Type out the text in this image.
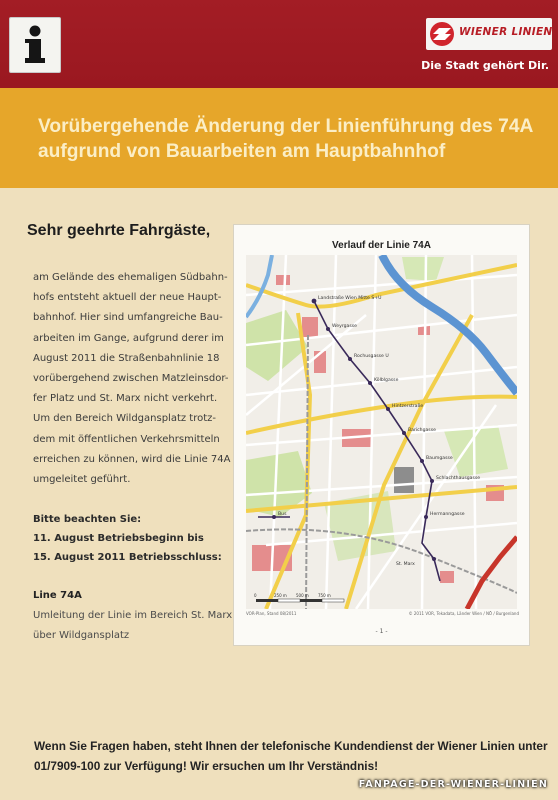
WIENER LINIEN
Die Stadt gehört Dir.
Vorübergehende Änderung der Linienführung des 74A
aufgrund von Bauarbeiten am Hauptbahnhof
Sehr geehrte Fahrgäste,

am Gelände des ehemaligen Südbahn-
hofs entsteht aktuell der neue Haupt-
bahnhof. Hier sind umfangreiche Bau-
arbeiten im Gange, aufgrund derer im
August 2011 die Straßenbahnlinie 18
vorübergehend zwischen Matzleinsdor-
fer Platz und St. Marx nicht verkehrt.
Um den Bereich Wildgansplatz trotz-
dem mit öffentlichen Verkehrsmitteln
erreichen zu können, wird die Linie 74A
umgeleitet geführt.

Bitte beachten Sie:
11. August Betriebsbeginn bis
15. August 2011 Betriebsschluss:
Line 74A
Umleitung der Linie im Bereich St. Marx
über Wildgansplatz
Verlauf der Linie 74A
Landstraße Wien Mitte S+U
Weyrgasse
Rochusgasse U
Kölblgasse
Hintzerstraße
Barichgasse
Baumgasse
Schlachthausgasse
Hermanngasse
St. Marx
Bus
0	250 m 500 m 750 m
VOR-Plan, Stand 08/2011	© 2011 VOR, Tekadata, Länder Wien / NÖ / Burgenland
- 1 -

Wenn Sie Fragen haben, steht Ihnen der telefonische Kundendienst der Wiener Linien unter
01/7909-100 zur Verfügung! Wir ersuchen um Ihr Verständnis!

FANPAGE-DER-WIENER-LINIEN
